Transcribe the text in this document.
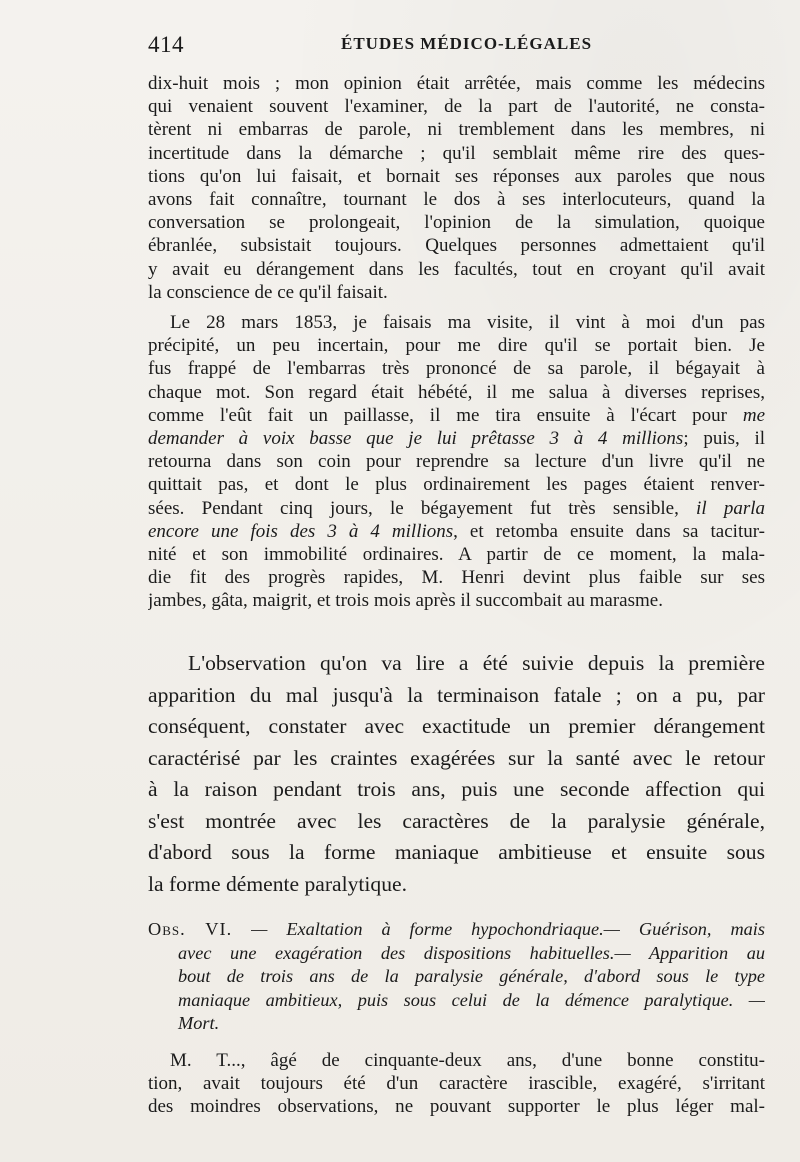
414	ÉTUDES MÉDICO-LÉGALES
dix-huit mois ; mon opinion était arrêtée, mais comme les médecins
qui venaient souvent l'examiner, de la part de l'autorité, ne consta-
tèrent ni embarras de parole, ni tremblement dans les membres, ni
incertitude dans la démarche ; qu'il semblait même rire des ques-
tions qu'on lui faisait, et bornait ses réponses aux paroles que nous
avons fait connaître, tournant le dos à ses interlocuteurs, quand la
conversation se prolongeait, l'opinion de la simulation, quoique
ébranlée, subsistait toujours. Quelques personnes admettaient qu'il
y avait eu dérangement dans les facultés, tout en croyant qu'il avait
la conscience de ce qu'il faisait.
Le 28 mars 1853, je faisais ma visite, il vint à moi d'un pas
précipité, un peu incertain, pour me dire qu'il se portait bien. Je
fus frappé de l'embarras très prononcé de sa parole, il bégayait à
chaque mot. Son regard était hébété, il me salua à diverses reprises,
comme l'eût fait un paillasse, il me tira ensuite à l'écart pour me
demander à voix basse que je lui prêtasse 3 à 4 millions; puis, il
retourna dans son coin pour reprendre sa lecture d'un livre qu'il ne
quittait pas, et dont le plus ordinairement les pages étaient renver-
sées. Pendant cinq jours, le bégayement fut très sensible, il parla
encore une fois des 3 à 4 millions, et retomba ensuite dans sa tacitur-
nité et son immobilité ordinaires. A partir de ce moment, la mala-
die fit des progrès rapides, M. Henri devint plus faible sur ses
jambes, gâta, maigrit, et trois mois après il succombait au marasme.
L'observation qu'on va lire a été suivie depuis la première
apparition du mal jusqu'à la terminaison fatale ; on a pu, par
conséquent, constater avec exactitude un premier dérangement
caractérisé par les craintes exagérées sur la santé avec le retour
à la raison pendant trois ans, puis une seconde affection qui
s'est montrée avec les caractères de la paralysie générale,
d'abord sous la forme maniaque ambitieuse et ensuite sous
la forme démente paralytique.
Obs. VI. — Exaltation à forme hypochondriaque.— Guérison, mais
avec une exagération des dispositions habituelles.— Apparition au
bout de trois ans de la paralysie générale, d'abord sous le type
maniaque ambitieux, puis sous celui de la démence paralytique. —
Mort.
M. T..., âgé de cinquante-deux ans, d'une bonne constitu-
tion, avait toujours été d'un caractère irascible, exagéré, s'irritant
des moindres observations, ne pouvant supporter le plus léger mal-
